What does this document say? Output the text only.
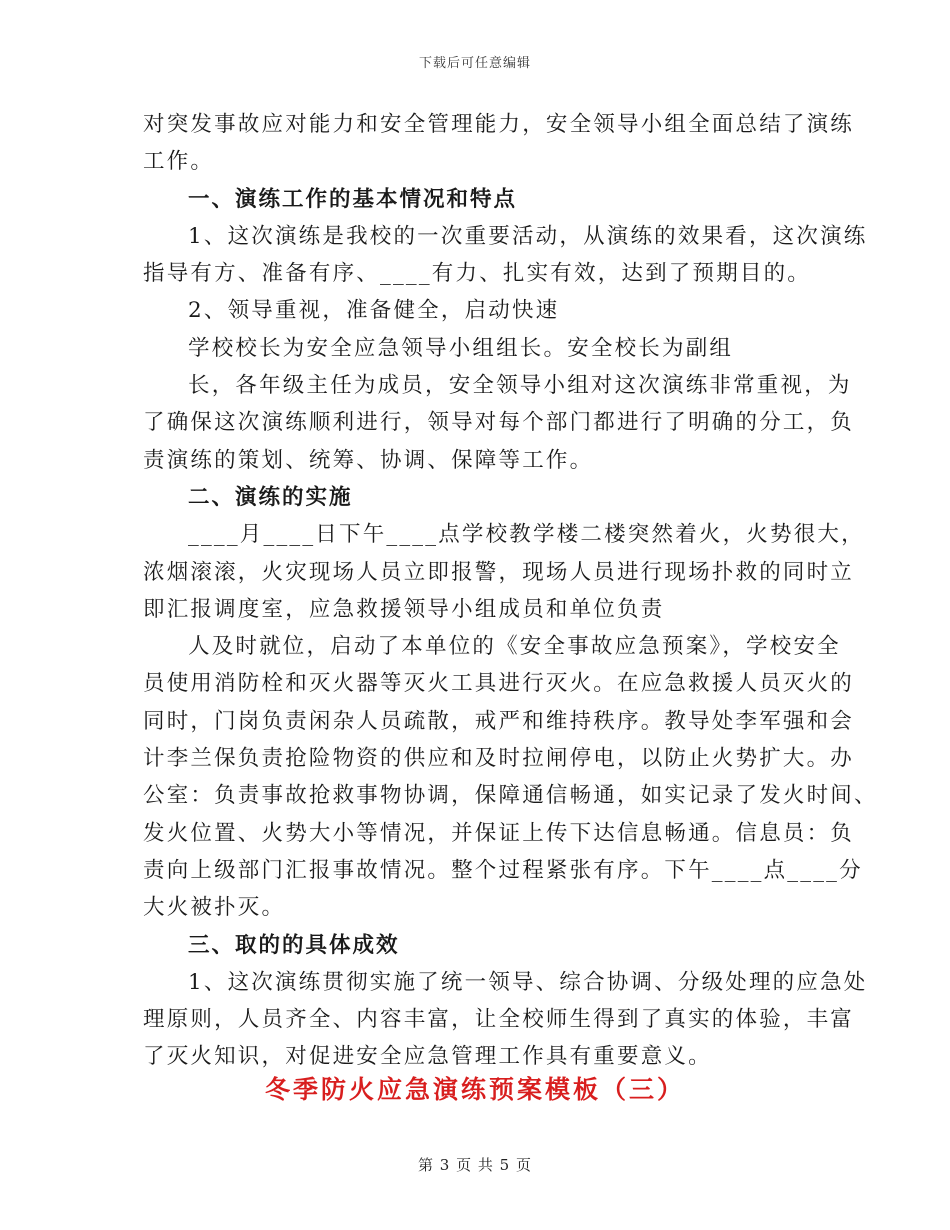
下载后可任意编辑
对突发事故应对能力和安全管理能力，安全领导小组全面总结了演练
工作。
一、演练工作的基本情况和特点
1、这次演练是我校的一次重要活动，从演练的效果看，这次演练
指导有方、准备有序、____有力、扎实有效，达到了预期目的。
2、领导重视，准备健全，启动快速
学校校长为安全应急领导小组组长。安全校长为副组
长，各年级主任为成员，安全领导小组对这次演练非常重视，为
了确保这次演练顺利进行，领导对每个部门都进行了明确的分工，负
责演练的策划、统筹、协调、保障等工作。
二、演练的实施
____月____日下午____点学校教学楼二楼突然着火，火势很大，
浓烟滚滚，火灾现场人员立即报警，现场人员进行现场扑救的同时立
即汇报调度室，应急救援领导小组成员和单位负责
人及时就位，启动了本单位的《安全事故应急预案》，学校安全
员使用消防栓和灭火器等灭火工具进行灭火。在应急救援人员灭火的
同时，门岗负责闲杂人员疏散，戒严和维持秩序。教导处李军强和会
计李兰保负责抢险物资的供应和及时拉闸停电，以防止火势扩大。办
公室：负责事故抢救事物协调，保障通信畅通，如实记录了发火时间、
发火位置、火势大小等情况，并保证上传下达信息畅通。信息员：负
责向上级部门汇报事故情况。整个过程紧张有序。下午____点____分
大火被扑灭。
三、取的的具体成效
1、这次演练贯彻实施了统一领导、综合协调、分级处理的应急处
理原则，人员齐全、内容丰富，让全校师生得到了真实的体验，丰富
了灭火知识，对促进安全应急管理工作具有重要意义。
冬季防火应急演练预案模板（三）
第 3 页 共 5 页
